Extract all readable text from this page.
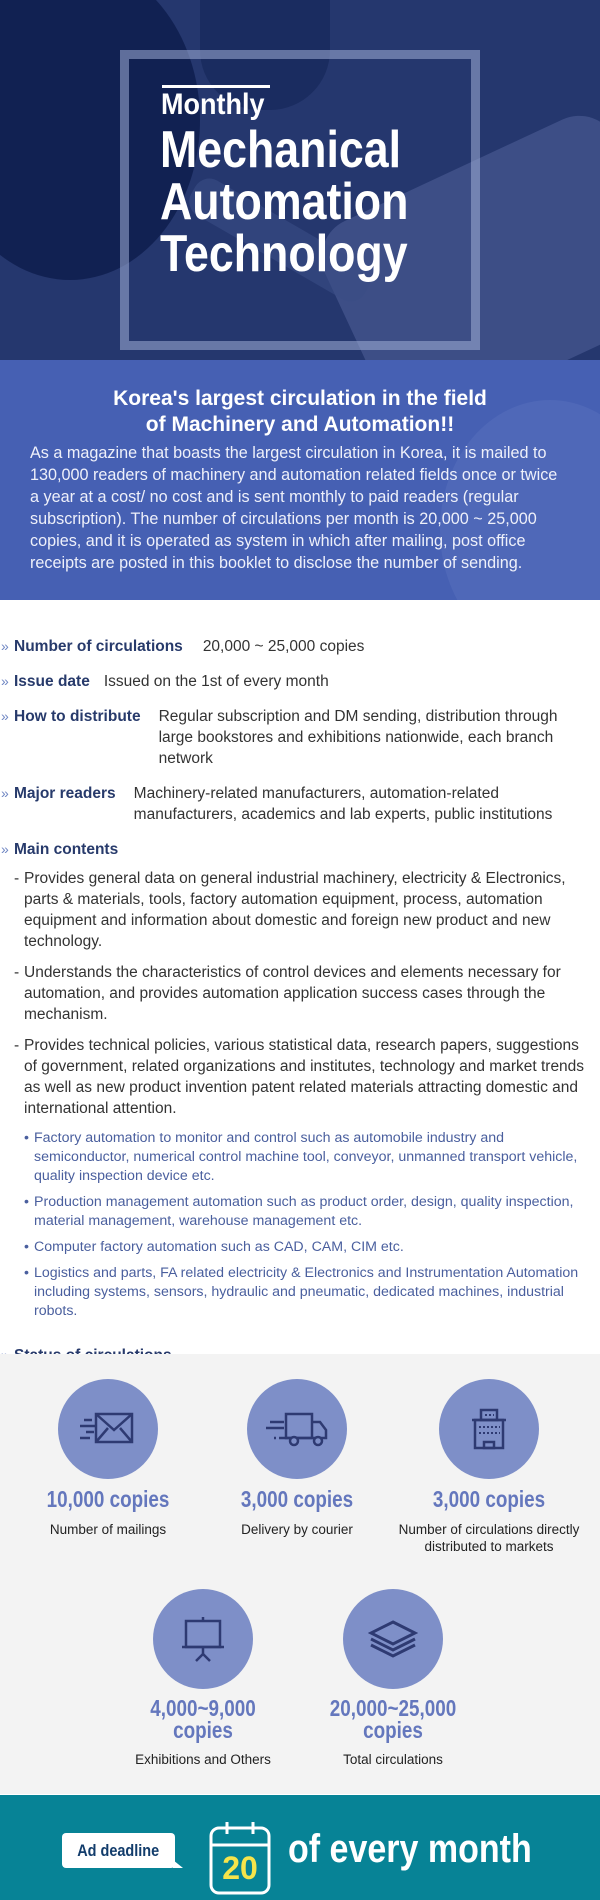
Monthly
Mechanical
Automation
Technology
Korea's largest circulation in the field
of Machinery and Automation!!

As a magazine that boasts the largest circulation in Korea, it is mailed to 130,000 readers of machinery and automation related fields once or twice a year at a cost/ no cost and is sent monthly to paid readers (regular subscription). The number of circulations per month is 20,000 ~ 25,000 copies, and it is operated as system in which after mailing, post office receipts are posted in this booklet to disclose the number of sending.

» Number of circulations 20,000 ~ 25,000 copies
» Issue date Issued on the 1st of every month
» How to distribute Regular subscription and DM sending, distribution through large bookstores and exhibitions nationwide, each branch network
» Major readers Machinery-related manufacturers, automation-related manufacturers, academics and lab experts, public institutions
» Main contents
- Provides general data on general industrial machinery, electricity & Electronics, parts & materials, tools, factory automation equipment, process, automation equipment and information about domestic and foreign new product and new technology.
- Understands the characteristics of control devices and elements necessary for automation, and provides automation application success cases through the mechanism.
- Provides technical policies, various statistical data, research papers, suggestions of government, related organizations and institutes, technology and market trends as well as new product invention patent related materials attracting domestic and international attention.
• Factory automation to monitor and control such as automobile industry and semiconductor, numerical control machine tool, conveyor, unmanned transport vehicle, quality inspection device etc.
• Production management automation such as product order, design, quality inspection, material management, warehouse management etc.
• Computer factory automation such as CAD, CAM, CIM etc.
• Logistics and parts, FA related electricity & Electronics and Instrumentation Automation including systems, sensors, hydraulic and pneumatic, dedicated machines, industrial robots.
10,000 copies
Number of mailings
3,000 copies
Delivery by courier
3,000 copies
Number of circulations directly distributed to markets
4,000~9,000
copies
Exhibitions and Others
20,000~25,000
copies
Total circulations
Ad deadline	20 of every month
